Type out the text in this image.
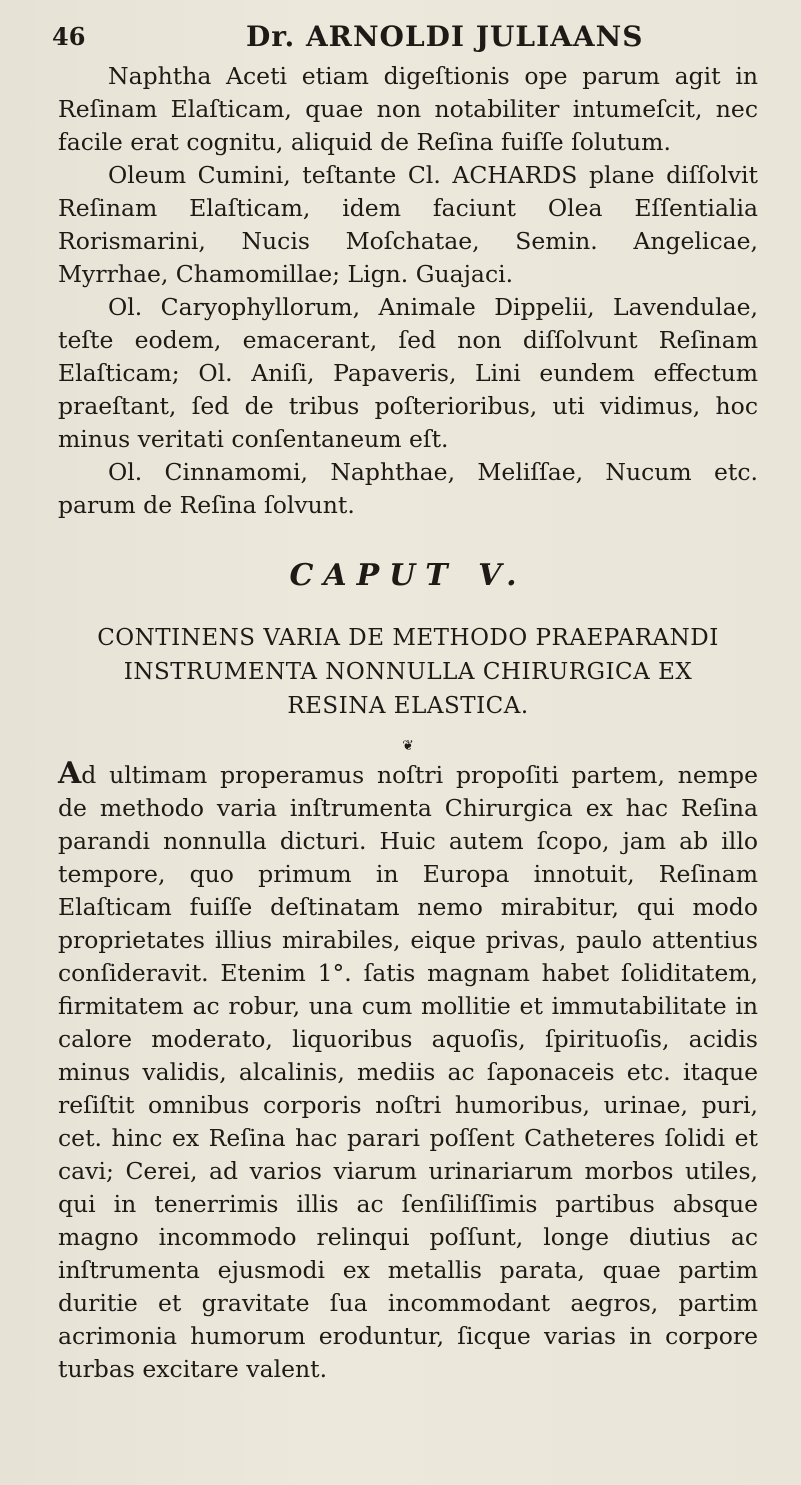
46	Dr. ARNOLDI JULIAANS

Naphtha Aceti etiam digeſtionis ope parum agit in Reſinam Elaſticam, quae non notabiliter intumeſcit, nec facile erat cognitu, aliquid de Reſina fuiſſe ſolutum.

Oleum Cumini, teſtante Cl. ACHARDS plane diſſolvit Reſinam Elaſticam, idem faciunt Olea Eſſentialia Rorismarini, Nucis Moſchatae, Semin. Angelicae, Myrrhae, Chamomillae; Lign. Guajaci.

Ol. Caryophyllorum, Animale Dippelii, Lavendulae, teſte eodem, emacerant, ſed non diſſolvunt Reſinam Elaſticam; Ol. Aniſi, Papaveris, Lini eundem effectum praeſtant, ſed de tribus poſterioribus, uti vidimus, hoc minus veritati conſentaneum eſt.

Ol. Cinnamomi, Naphthae, Meliſſae, Nucum etc. parum de Reſina ſolvunt.

CAPUT V.

CONTINENS VARIA DE METHODO PRAEPARANDI

INSTRUMENTA NONNULLA CHIRURGICA EX

RESINA ELASTICA.

❦

Ad ultimam properamus noſtri propoſiti partem, nempe de methodo varia inſtrumenta Chirurgica ex hac Reſina parandi nonnulla dicturi. Huic autem ſcopo, jam ab illo tempore, quo primum in Europa innotuit, Reſinam Elaſticam fuiſſe deſtinatam nemo mirabitur, qui modo proprietates illius mirabiles, eique privas, paulo attentius conſideravit. Etenim 1°. ſatis magnam habet ſoliditatem, firmitatem ac robur, una cum mollitie et immutabilitate in calore moderato, liquoribus aquoſis, ſpirituoſis, acidis minus validis, alcalinis, mediis ac ſaponaceis etc. itaque reſiſtit omnibus corporis noſtri humoribus, urinae, puri, cet. hinc ex Reſina hac parari poſſent Catheteres ſolidi et cavi; Cerei, ad varios viarum urinariarum morbos utiles, qui in tenerrimis illis ac ſenſiliſſimis partibus absque magno incommodo relinqui poſſunt, longe diutius ac inſtrumenta ejusmodi ex metallis parata, quae partim duritie et gravitate ſua incommodant aegros, partim acrimonia humorum eroduntur, ſicque varias in corpore turbas excitare valent.
